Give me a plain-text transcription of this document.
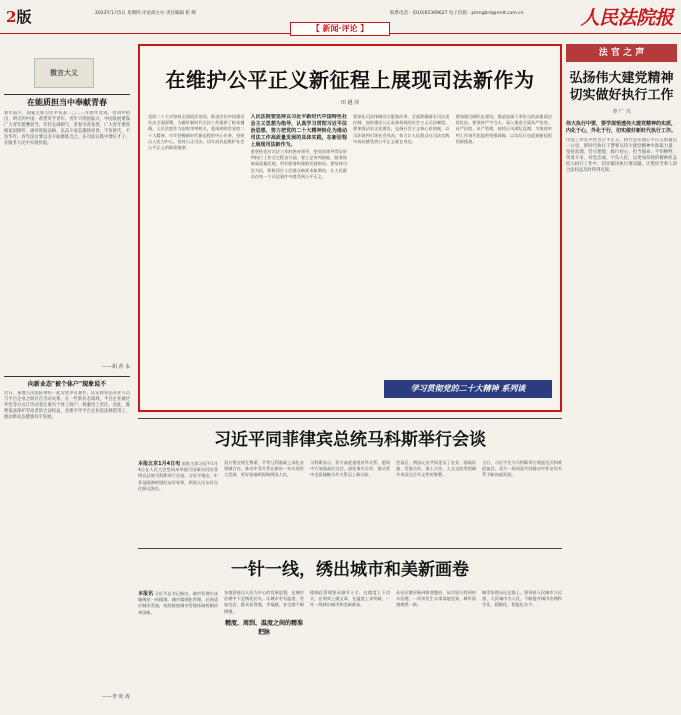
2版	2023年1月5日 星期四 评论部主办 责任编辑 崔 峰	联系电话：(010)65369627 电子信箱：plrmgbrd@rmlt.com.cn	人民法院报
【 新闻·评论 】
微言大义
在能质担当中奉献青春
新年前夕，国家主席习近平发表二〇二三年新年贺词。贺词中指出，明天的中国，希望寄予青年。青年兴则国家兴，中国发展要靠广大青年挺膺担当。年轻充满朝气，青春孕育希望。广大青年要厚植家国情怀、涵养进取品格，以奋斗姿态激扬青春，不负时代，不负华年。青年法官要以多方面磨炼自己，在司法实践中增长才干，在服务人民中实现价值。
——胡 青 永
向新业态"被个体户"现象说不
近日，某地人民法院审结一起劳动争议案件，认定新业态从业人员与平台企业之间存在劳动关系。在一些新业态领域，平台企业通过外包等方式让劳动者注册为个体工商户，规避用工责任。对此，既要依法保护劳动者的合法权益，也要引导平台企业依法规范用工，推动新业态健康有序发展。
——李 奕 涛
在维护公平正义新征程上展现司法新作为
田 越 泽
党的二十大对坚持全面依法治国、推进法治中国建设作出全面部署，为做好新时代司法工作提供了根本遵循。人民法院作为国家审判机关，要深刻领会党的二十大精神，牢牢把握新时代新征程的中心任务，坚持以人民为中心，坚持公正司法，切实肩负起维护社会公平正义的职责使命。
人民法院要坚持以习近平新时代中国特色社会主义思想为指导，认真学习贯彻习近平法治思想，努力把党的二十大精神转化为推动司法工作高质量发展的具体实践，在新征程上展现司法新作为。
要坚持党对司法工作的绝对领导，把党的领导贯穿审判执行工作全过程各方面。要立足审判职能，服务保障高质量发展，更好服务构建新发展格局。要坚持司法为民，积极回应人民群众新要求新期待，让人民群众在每一个司法案件中感受到公平正义。
要深化司法体制综合配套改革，全面准确落实司法责任制，加快建设公正高效权威的社会主义司法制度。要加强法治文化建设，弘扬社会主义核心价值观，以司法裁判引领社会风尚，努力让人民群众在司法实践中真切感受到公平正义就在身边。
要加强过硬队伍建设，锻造忠诚干净担当的高素质法院队伍。要坚持严字当头，深入推进全面从严治党、从严治院、从严管理，持续正风肃纪反腐，为推进审判工作现代化提供坚强保障，以实际行动迎接新征程的新挑战。
学习贯彻党的二十大精神 系列谈
法 官 之 声
弘扬伟大建党精神 切实做好执行工作
李 广 兴
伟大执行中要，要学深悟透伟大建党精神的实质，内化于心，外化于行，切实做好新时代执行工作。
司法工作关乎社会公平正义，执行是实现公平正义的最后一公里。新时代执行干警要从伟大建党精神中汲取力量，坚持真理、坚守理想，践行初心、担当使命，不怕牺牲、英勇斗争，对党忠诚、不负人民，以更加昂扬的精神状态投入执行工作中，切实解决执行难问题，让胜诉当事人的合法权益及时得到兑现。
习近平同菲律宾总统马科斯举行会谈
本报北京1月4日电 国家主席习近平1月4日在人民大会堂同来华进行国事访问的菲律宾总统马科斯举行会谈。习近平指出，中菲是隔海相望的友好邻邦，两国人民友好交往源远流长。
双方要在相互尊重、平等互利基础上深化各领域合作，推动中菲关系在新的一年实现更大发展，更好造福两国和两国人民。
马科斯表示，菲方高度重视对华关系，愿同中方加强高层交往，深化务实合作，推动菲中全面战略合作关系迈上新台阶。
会谈后，两国元首共同见证了农业、基础设施、发展合作、海上合作、人文交流等领域多项双边合作文件的签署。
当日，习近平还为马科斯举行欢迎仪式和欢迎宴会。双方一致同意共同推动中菲友好关系不断向前发展。
一针一线，绣出城市和美新画卷
本报讯 习近平总书记指出，城市管理应该像绣花一样精细。城市精细化管理，必须适应城市发展，持续推进城市管理体制机制改革创新。
各地坚持以人民为中心的发展思想，在城市治理中下足绣花功夫，让城市更有温度、更加宜居，群众获得感、幸福感、安全感不断增强。
精度、周到、温度之间的精准把脉
精细化管理要从细节入手，在精度上下功夫，在周到上做文章，在温度上求突破，一针一线绣出城市和美新画卷。
从社区微更新到街巷整治，从垃圾分类到停车治理，一项项民生实事落地见效，城市面貌焕然一新。
城市治理永远在路上。要坚持人民城市人民建、人民城市为人民，不断提升城市治理科学化、精细化、智能化水平。
